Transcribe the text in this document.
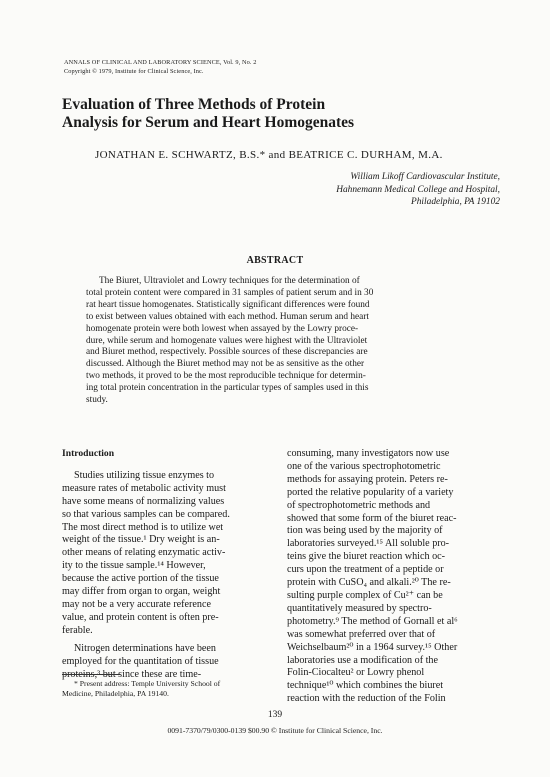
ANNALS OF CLINICAL AND LABORATORY SCIENCE, Vol. 9, No. 2
Copyright © 1979, Institute for Clinical Science, Inc.
Evaluation of Three Methods of Protein
Analysis for Serum and Heart Homogenates
JONATHAN E. SCHWARTZ, B.S.* and BEATRICE C. DURHAM, M.A.
William Likoff Cardiovascular Institute,
Hahnemann Medical College and Hospital,
Philadelphia, PA 19102
ABSTRACT
The Biuret, Ultraviolet and Lowry techniques for the determination of
total protein content were compared in 31 samples of patient serum and in 30
rat heart tissue homogenates. Statistically significant differences were found
to exist between values obtained with each method. Human serum and heart
homogenate protein were both lowest when assayed by the Lowry proce-
dure, while serum and homogenate values were highest with the Ultraviolet
and Biuret method, respectively. Possible sources of these discrepancies are
discussed. Although the Biuret method may not be as sensitive as the other
two methods, it proved to be the most reproducible technique for determin-
ing total protein concentration in the particular types of samples used in this
study.
Introduction
Studies utilizing tissue enzymes to
measure rates of metabolic activity must
have some means of normalizing values
so that various samples can be compared.
The most direct method is to utilize wet
weight of the tissue.¹ Dry weight is an-
other means of relating enzymatic activ-
ity to the tissue sample.¹⁴ However,
because the active portion of the tissue
may differ from organ to organ, weight
may not be a very accurate reference
value, and protein content is often pre-
ferable.
Nitrogen determinations have been
employed for the quantitation of tissue
proteins,³ but since these are time-
consuming, many investigators now use
one of the various spectrophotometric
methods for assaying protein. Peters re-
ported the relative popularity of a variety
of spectrophotometric methods and
showed that some form of the biuret reac-
tion was being used by the majority of
laboratories surveyed.¹⁵ All soluble pro-
teins give the biuret reaction which oc-
curs upon the treatment of a peptide or
protein with CuSO₄ and alkali.²⁰ The re-
sulting purple complex of Cu²⁺ can be
quantitatively measured by spectro-
photometry.⁹ The method of Gornall et al⁶
was somewhat preferred over that of
Weichselbaum²⁰ in a 1964 survey.¹⁵ Other
laboratories use a modification of the
Folin-Ciocalteu² or Lowry phenol
technique¹⁰ which combines the biuret
reaction with the reduction of the Folin
* Present address: Temple University School of
Medicine, Philadelphia, PA 19140.
139
0091-7370/79/0300-0139 $00.90 © Institute for Clinical Science, Inc.
